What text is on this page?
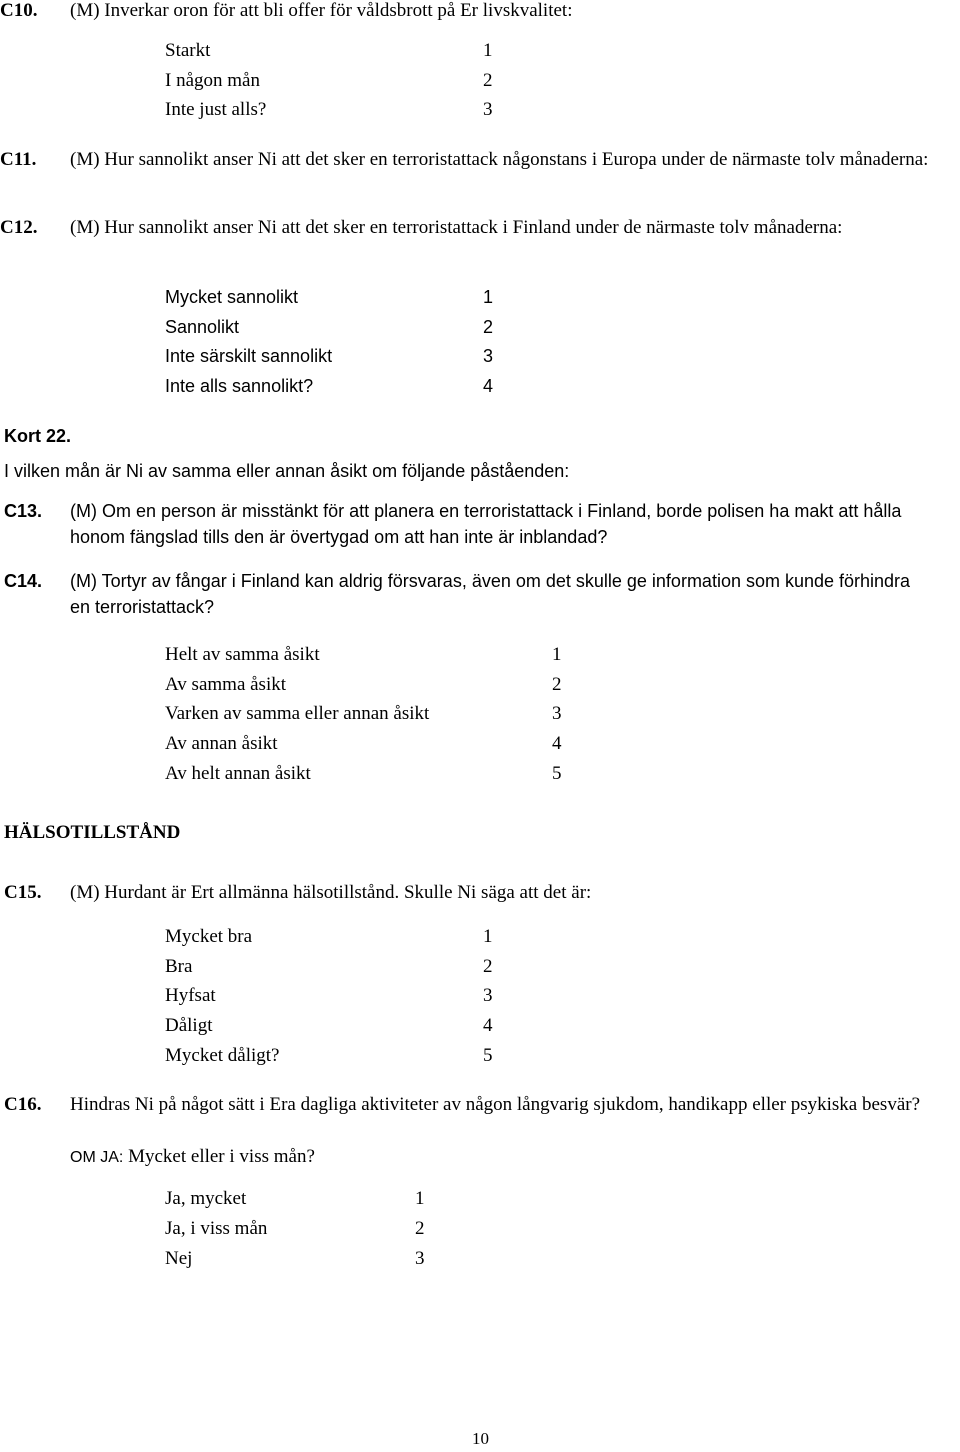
C10. (M) Inverkar oron för att bli offer för våldsbrott på Er livskvalitet:
Starkt	1
I någon mån	2
Inte just alls?	3
C11. (M) Hur sannolikt anser Ni att det sker en terroristattack någonstans i Europa under de närmaste tolv månaderna:
C12. (M) Hur sannolikt anser Ni att det sker en terroristattack i Finland under de närmaste tolv månaderna:
Mycket sannolikt	1
Sannolikt	2
Inte särskilt sannolikt	3
Inte alls sannolikt?	4
Kort 22.
I vilken mån är Ni av samma eller annan åsikt om följande påståenden:
C13. (M) Om en person är misstänkt för att planera en terroristattack i Finland, borde polisen ha makt att hålla honom fängslad tills den är övertygad om att han inte är inblandad?
C14. (M) Tortyr av fångar i Finland kan aldrig försvaras, även om det skulle ge information som kunde förhindra en terroristattack?
Helt av samma åsikt	1
Av samma åsikt	2
Varken av samma eller annan åsikt	3
Av annan åsikt	4
Av helt annan åsikt	5
HÄLSOTILLSTÅND
C15. (M) Hurdant är Ert allmänna hälsotillstånd. Skulle Ni säga att det är:
Mycket bra	1
Bra	2
Hyfsat	3
Dåligt	4
Mycket dåligt?	5
C16. Hindras Ni på något sätt i Era dagliga aktiviteter av någon långvarig sjukdom, handikapp eller psykiska besvär?
OM JA: Mycket eller i viss mån?
Ja, mycket	1
Ja, i viss mån	2
Nej	3
10
